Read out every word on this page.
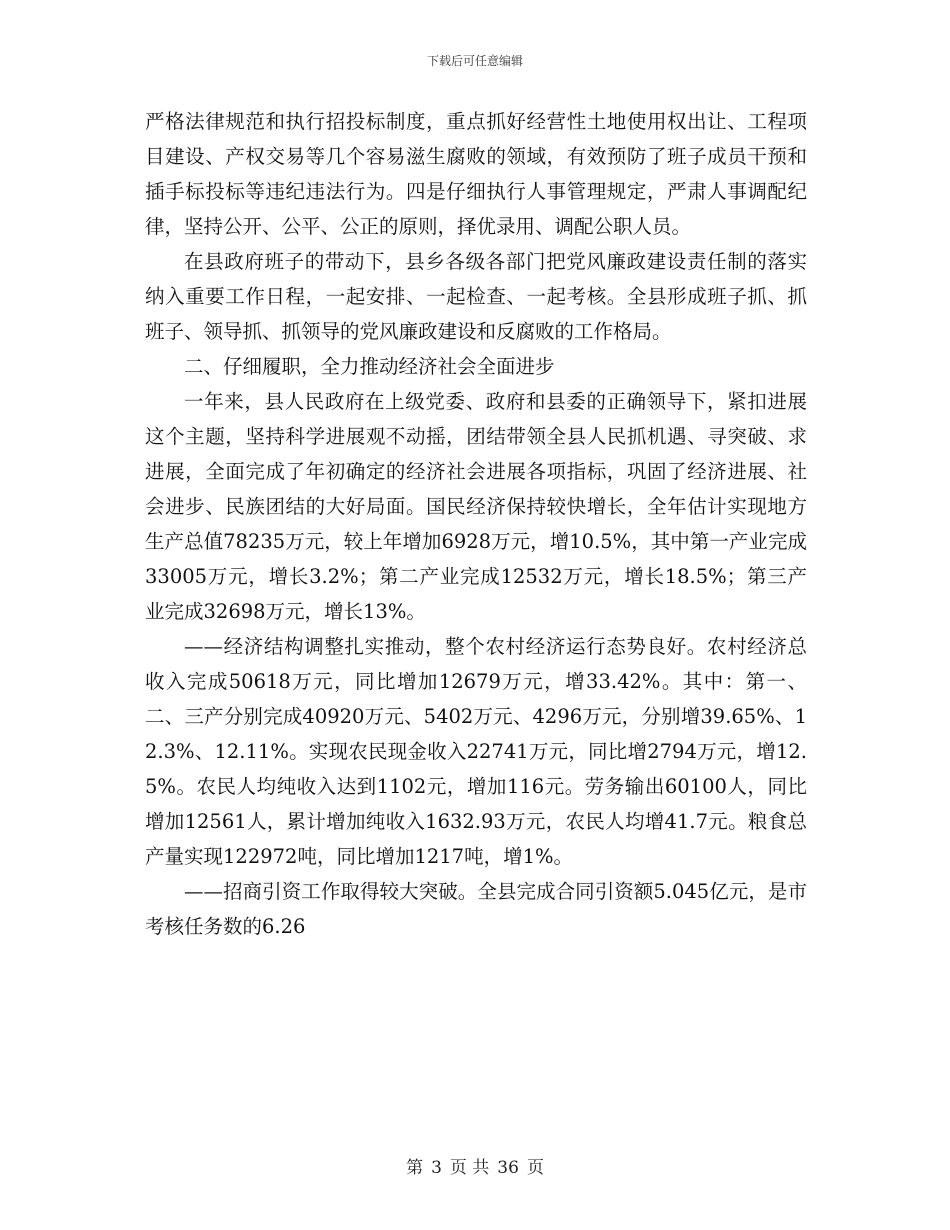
下载后可任意编辑

严格法律规范和执行招投标制度，重点抓好经营性土地使用权出让、工程项目建设、产权交易等几个容易滋生腐败的领域，有效预防了班子成员干预和插手标投标等违纪违法行为。四是仔细执行人事管理规定，严肃人事调配纪律，坚持公开、公平、公正的原则，择优录用、调配公职人员。

在县政府班子的带动下，县乡各级各部门把党风廉政建设责任制的落实纳入重要工作日程，一起安排、一起检查、一起考核。全县形成班子抓、抓班子、领导抓、抓领导的党风廉政建设和反腐败的工作格局。

二、仔细履职，全力推动经济社会全面进步

一年来，县人民政府在上级党委、政府和县委的正确领导下，紧扣进展这个主题，坚持科学进展观不动摇，团结带领全县人民抓机遇、寻突破、求进展，全面完成了年初确定的经济社会进展各项指标，巩固了经济进展、社会进步、民族团结的大好局面。国民经济保持较快增长，全年估计实现地方生产总值78235万元，较上年增加6928万元，增10.5%，其中第一产业完成33005万元，增长3.2%；第二产业完成12532万元，增长18.5%；第三产业完成32698万元，增长13%。

——经济结构调整扎实推动，整个农村经济运行态势良好。农村经济总收入完成50618万元，同比增加12679万元，增33.42%。其中：第一、二、三产分别完成40920万元、5402万元、4296万元，分别增39.65%、12.3%、12.11%。实现农民现金收入22741万元，同比增2794万元，增12.5%。农民人均纯收入达到1102元，增加116元。劳务输出60100人，同比增加12561人，累计增加纯收入1632.93万元，农民人均增41.7元。粮食总产量实现122972吨，同比增加1217吨，增1%。

——招商引资工作取得较大突破。全县完成合同引资额5.045亿元，是市考核任务数的6.26

第 3 页 共 36 页
